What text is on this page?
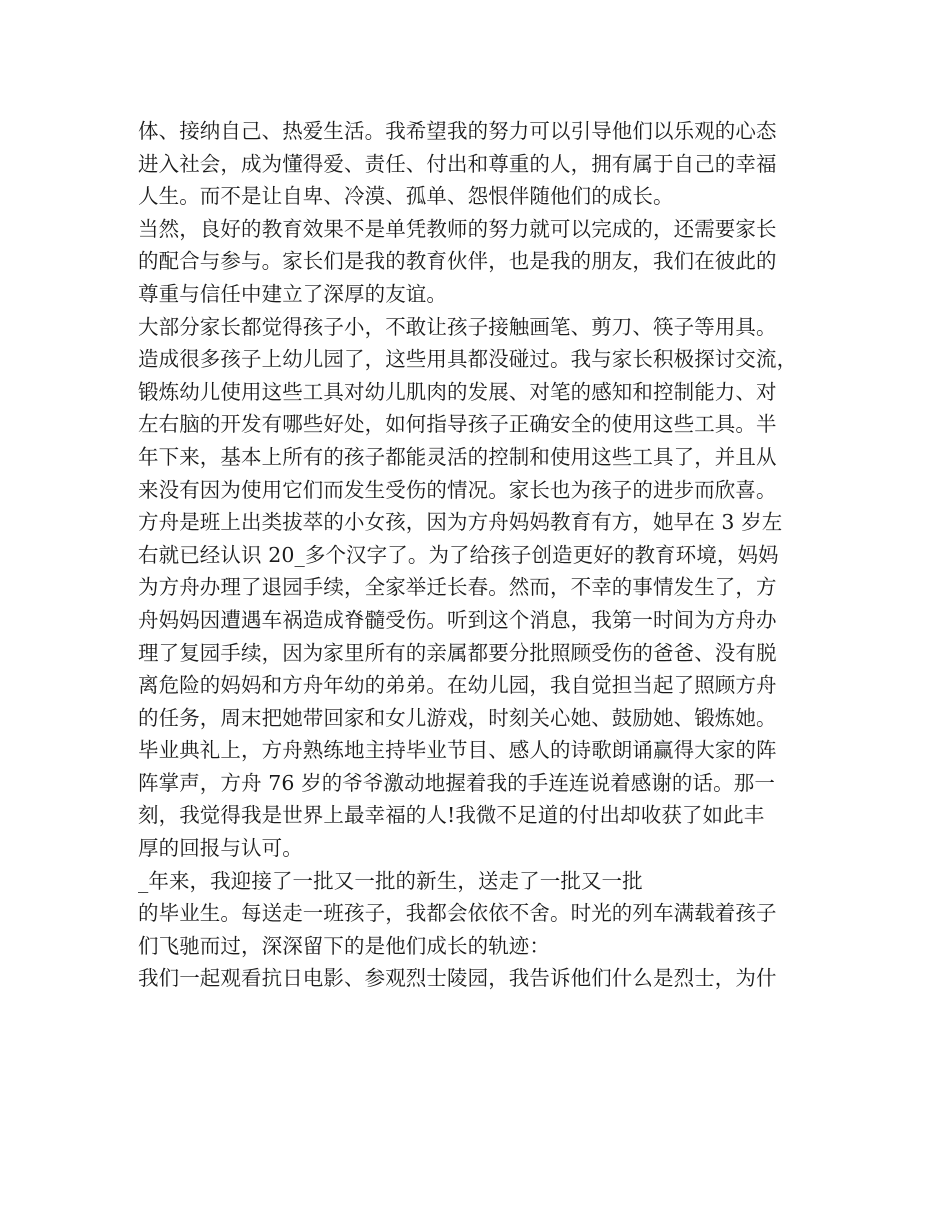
体、接纳自己、热爱生活。我希望我的努力可以引导他们以乐观的心态
进入社会，成为懂得爱、责任、付出和尊重的人，拥有属于自己的幸福
人生。而不是让自卑、冷漠、孤单、怨恨伴随他们的成长。
当然，良好的教育效果不是单凭教师的努力就可以完成的，还需要家长
的配合与参与。家长们是我的教育伙伴，也是我的朋友，我们在彼此的
尊重与信任中建立了深厚的友谊。
大部分家长都觉得孩子小，不敢让孩子接触画笔、剪刀、筷子等用具。
造成很多孩子上幼儿园了，这些用具都没碰过。我与家长积极探讨交流，
锻炼幼儿使用这些工具对幼儿肌肉的发展、对笔的感知和控制能力、对
左右脑的开发有哪些好处，如何指导孩子正确安全的使用这些工具。半
年下来，基本上所有的孩子都能灵活的控制和使用这些工具了，并且从
来没有因为使用它们而发生受伤的情况。家长也为孩子的进步而欣喜。
方舟是班上出类拔萃的小女孩，因为方舟妈妈教育有方，她早在 3 岁左
右就已经认识 20_多个汉字了。为了给孩子创造更好的教育环境，妈妈
为方舟办理了退园手续，全家举迁长春。然而，不幸的事情发生了，方
舟妈妈因遭遇车祸造成脊髓受伤。听到这个消息，我第一时间为方舟办
理了复园手续，因为家里所有的亲属都要分批照顾受伤的爸爸、没有脱
离危险的妈妈和方舟年幼的弟弟。在幼儿园，我自觉担当起了照顾方舟
的任务，周末把她带回家和女儿游戏，时刻关心她、鼓励她、锻炼她。
毕业典礼上，方舟熟练地主持毕业节目、感人的诗歌朗诵赢得大家的阵
阵掌声，方舟 76 岁的爷爷激动地握着我的手连连说着感谢的话。那一
刻，我觉得我是世界上最幸福的人!我微不足道的付出却收获了如此丰
厚的回报与认可。
_年来，我迎接了一批又一批的新生，送走了一批又一批
的毕业生。每送走一班孩子，我都会依依不舍。时光的列车满载着孩子
们飞驰而过，深深留下的是他们成长的轨迹：
我们一起观看抗日电影、参观烈士陵园，我告诉他们什么是烈士，为什
